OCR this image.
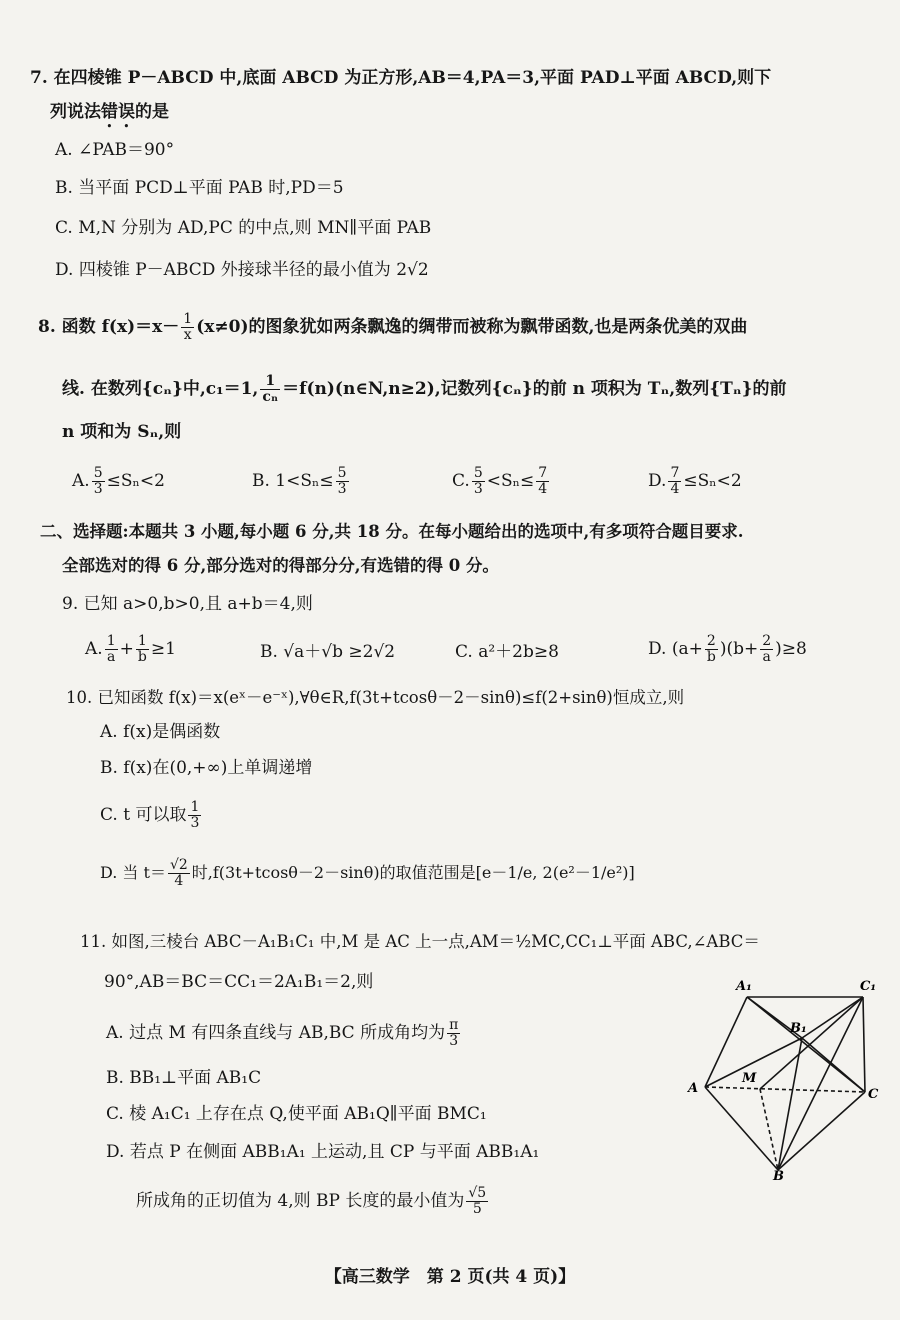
7. 在四棱锥 P－ABCD 中,底面 ABCD 为正方形,AB＝4,PA＝3,平面 PAD⊥平面 ABCD,则下
列说法错误的是
A. ∠PAB＝90°
B. 当平面 PCD⊥平面 PAB 时,PD＝5
C. M,N 分别为 AD,PC 的中点,则 MN∥平面 PAB
D. 四棱锥 P－ABCD 外接球半径的最小值为 2√2
8. 函数 $f(x)=x- \frac{1}{x} (x\ne 0)$的图象犹如两条飘逸的绸带而被称为飘带函数,也是两条优美的双曲
线. 在数列{cₙ}中,c₁＝1, $\frac{1}{\text{cₙ}}$ ＝f(n)(n∈N,n≥2),记数列{cₙ}的前 n 项积为 Tₙ,数列{Tₙ}的前
n 项和为 Sₙ,则
A. $\frac{5}{3} \le S_n<2$	B. $1<S_n\le \frac{5}{3}$	C. $\frac{5}{3} <S_n\le \frac{7}{4}$	D. $\frac{7}{4} \le S_n<2$
二、选择题:本题共 3 小题,每小题 6 分,共 18 分。在每小题给出的选项中,有多项符合题目要求.
全部选对的得 6 分,部分选对的得部分分,有选错的得 0 分。
9. 已知 a>0,b>0,且 a+b＝4,则
A. $\frac{1}{a} + \frac{1}{b} \ge 1$	B. √a＋√b ≥2√2	C. a²＋2b≥8	D. $(a+ \frac{2}{b} )(b+ \frac{2}{a} )\ge 8$
10. 已知函数 f(x)＝x(eˣ－e⁻ˣ),∀θ∈R,f(3t+tcosθ－2－sinθ)≤f(2+sinθ)恒成立,则
A. f(x)是偶函数
B. f(x)在(0,+∞)上单调递增
C. t 可以取 $\frac{1}{3}$
D. 当 $t= \frac{√2}{4}$ 时,f(3t+tcosθ－2－sinθ)的取值范围是[e－1/e, 2(e²－1/e²)]
11. 如图,三棱台 ABC－A₁B₁C₁ 中,M 是 AC 上一点,AM＝½MC,CC₁⊥平面 ABC,∠ABC＝
90°,AB＝BC＝CC₁＝2A₁B₁＝2,则
A. 过点 M 有四条直线与 AB,BC 所成角均为 $\frac{\pi}{3}$
B. BB₁⊥平面 AB₁C
C. 棱 A₁C₁ 上存在点 Q,使平面 AB₁Q∥平面 BMC₁
D. 若点 P 在侧面 ABB₁A₁ 上运动,且 CP 与平面 ABB₁A₁
所成角的正切值为 4,则 BP 长度的最小值为 $\frac{√5}{5}$
A₁	C₁
B₁
A
M
C
B
【高三数学　第 2 页(共 4 页)】
